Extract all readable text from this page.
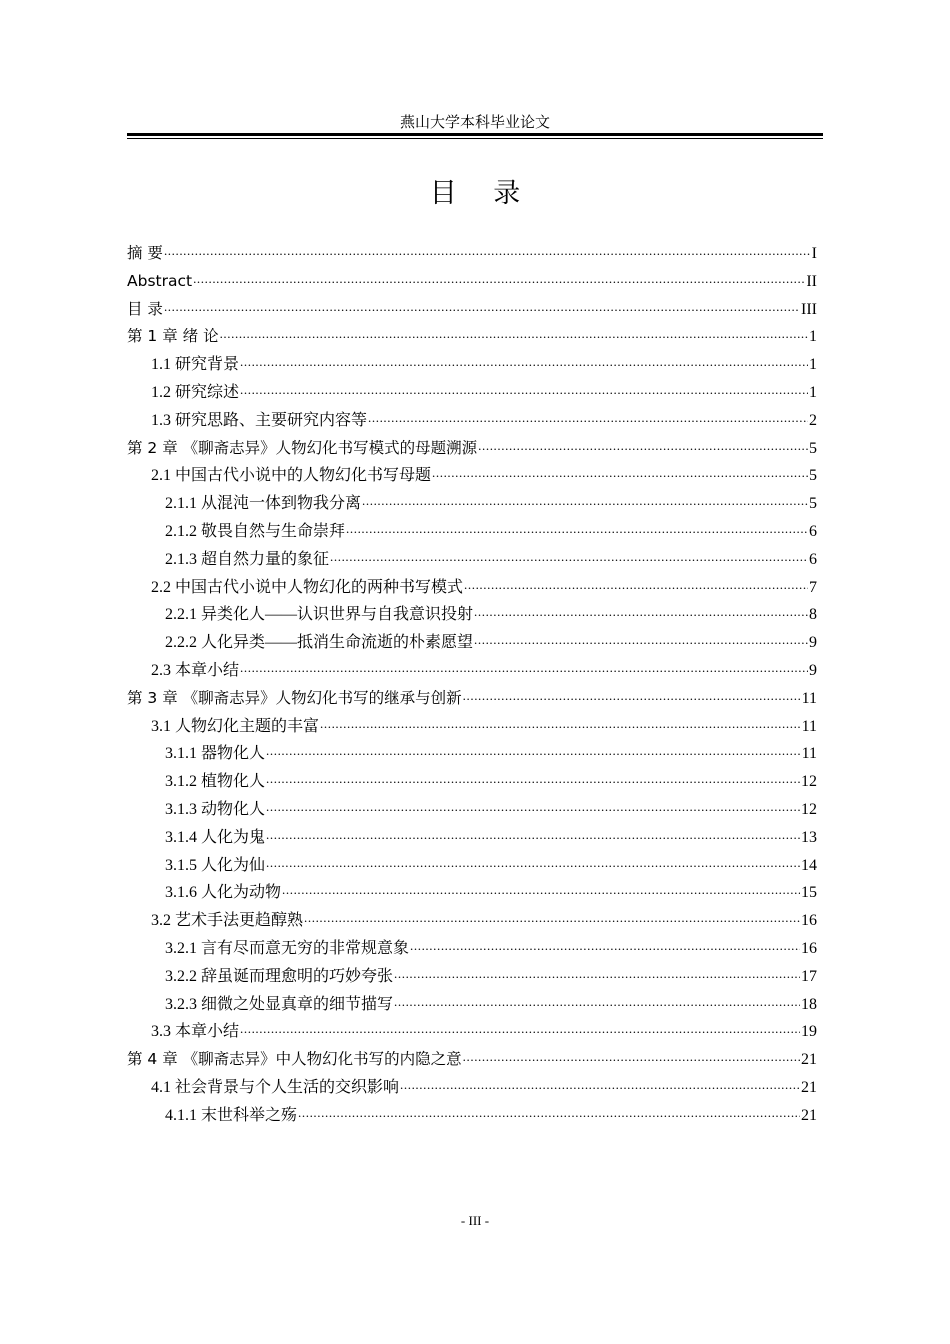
燕山大学本科毕业论文
目 录
摘 要 .....	I
Abstract .....	II
目 录 .....	III
第 1 章 绪 论 .....	1
1.1 研究背景 .....	1
1.2 研究综述 .....	1
1.3 研究思路、主要研究内容等 .....	2
第 2 章 《聊斋志异》人物幻化书写模式的母题溯源 .....	5
2.1 中国古代小说中的人物幻化书写母题 .....	5
2.1.1 从混沌一体到物我分离 .....	5
2.1.2 敬畏自然与生命崇拜 .....	6
2.1.3 超自然力量的象征 .....	6
2.2 中国古代小说中人物幻化的两种书写模式 .....	7
2.2.1 异类化人——认识世界与自我意识投射 .....	8
2.2.2 人化异类——抵消生命流逝的朴素愿望 .....	9
2.3 本章小结 .....	9
第 3 章 《聊斋志异》人物幻化书写的继承与创新 .....	11
3.1 人物幻化主题的丰富 .....	11
3.1.1 器物化人 .....	11
3.1.2 植物化人 .....	12
3.1.3 动物化人 .....	12
3.1.4 人化为鬼 .....	13
3.1.5 人化为仙 .....	14
3.1.6 人化为动物 .....	15
3.2 艺术手法更趋醇熟 .....	16
3.2.1 言有尽而意无穷的非常规意象 .....	16
3.2.2 辞虽诞而理愈明的巧妙夸张 .....	17
3.2.3 细微之处显真章的细节描写 .....	18
3.3 本章小结 .....	19
第 4 章 《聊斋志异》中人物幻化书写的内隐之意 .....	21
4.1 社会背景与个人生活的交织影响 .....	21
4.1.1 末世科举之殇 .....	21
- III -
